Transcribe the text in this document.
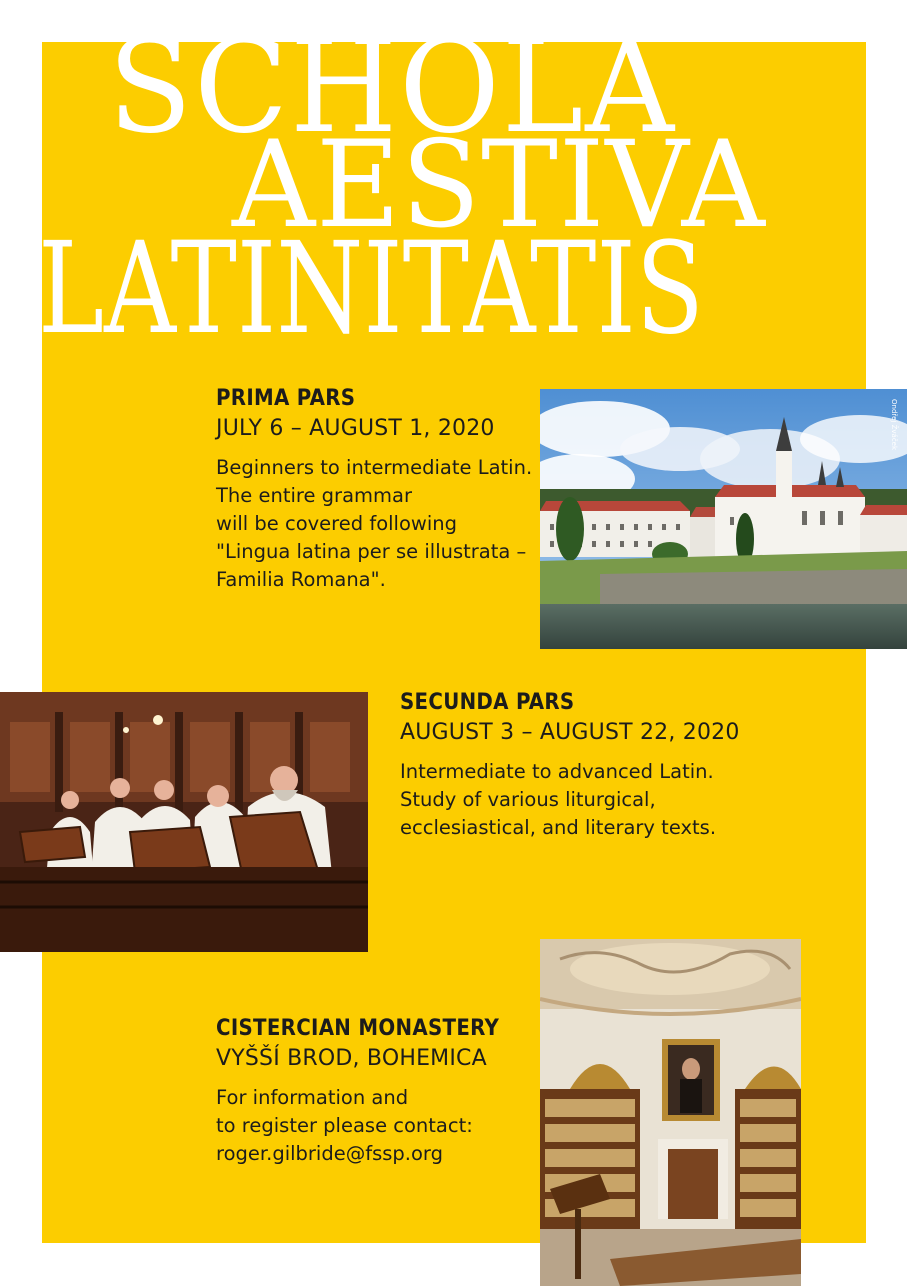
Ondřej Žváček
SCHOLA
AESTIVA
LATINITATIS
PRIMA PARS
JULY 6 – AUGUST 1, 2020

Beginners to intermediate Latin.
The entire grammar
will be covered following
"Lingua latina per se illustrata –
Familia Romana".

SECUNDA PARS
AUGUST 3 – AUGUST 22, 2020

Intermediate to advanced Latin.
Study of various liturgical,
ecclesiastical, and literary texts.

CISTERCIAN MONASTERY
VYŠŠÍ BROD, BOHEMICA

For information and
to register please contact:
roger.gilbride@fssp.org
